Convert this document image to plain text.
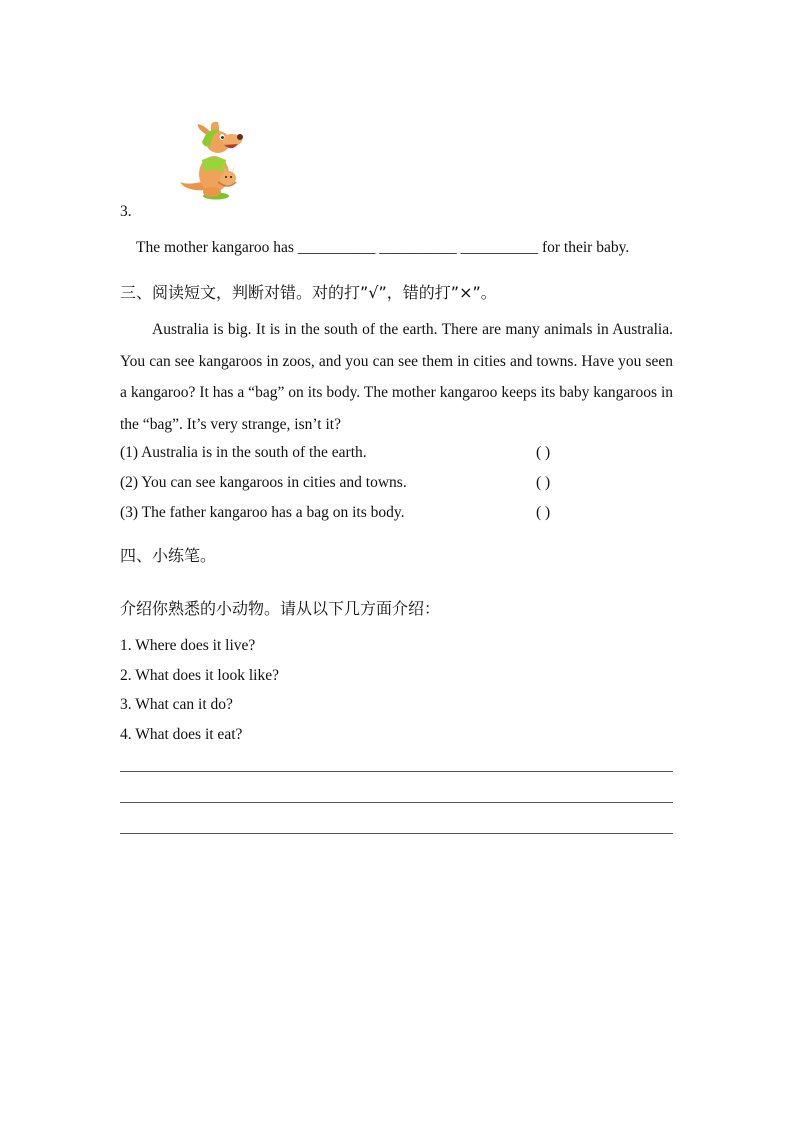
3.
The mother kangaroo has __________ __________ __________ for their baby.
三、阅读短文，判断对错。对的打”√”，错的打”×”。
Australia is big. It is in the south of the earth. There are many animals in Australia. You can see kangaroos in zoos, and you can see them in cities and towns. Have you seen a kangaroo? It has a “bag” on its body. The mother kangaroo keeps its baby kangaroos in the “bag”. It’s very strange, isn’t it?
(1) Australia is in the south of the earth.	( )
(2) You can see kangaroos in cities and towns.	( )
(3) The father kangaroo has a bag on its body.	( )
四、小练笔。
介绍你熟悉的小动物。请从以下几方面介绍：
1. Where does it live?
2. What does it look like?
3. What can it do?
4. What does it eat?
